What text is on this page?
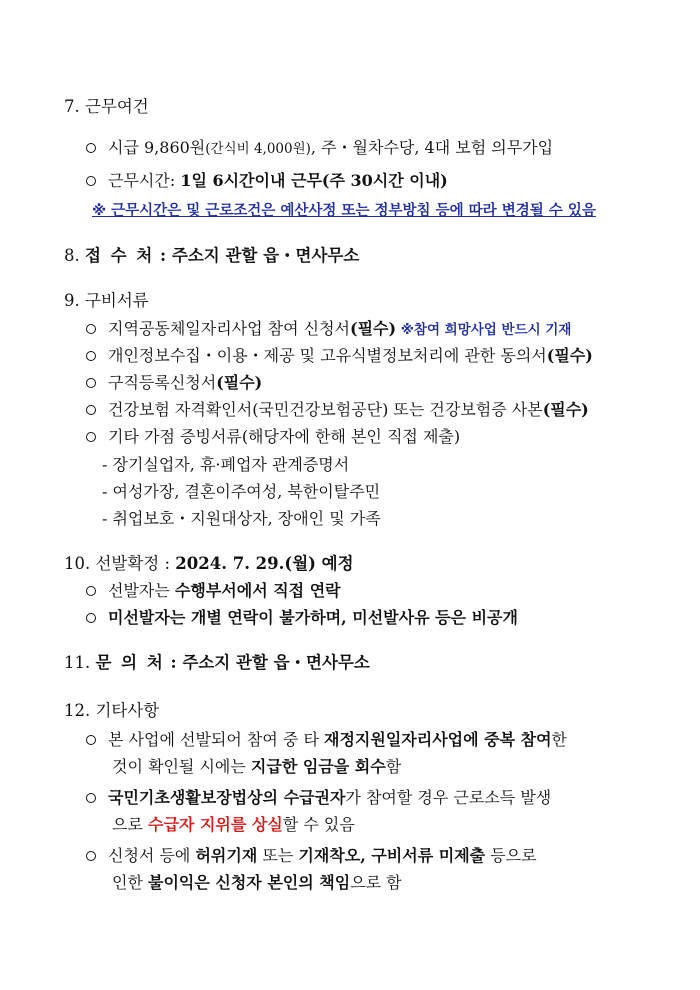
7. 근무여건
시급 9,860원(간식비 4,000원), 주・월차수당, 4대 보험 의무가입
근무시간: 1일 6시간이내 근무(주 30시간 이내)
※ 근무시간은 및 근로조건은 예산사정 또는 정부방침 등에 따라 변경될 수 있음
8. 접 수 처 : 주소지 관할 읍・면사무소
9. 구비서류
지역공동체일자리사업 참여 신청서(필수) ※참여 희망사업 반드시 기재
개인정보수집・이용・제공 및 고유식별정보처리에 관한 동의서(필수)
구직등록신청서(필수)
건강보험 자격확인서(국민건강보험공단) 또는 건강보험증 사본(필수)
기타 가점 증빙서류(해당자에 한해 본인 직접 제출)
- 장기실업자, 휴·폐업자 관계증명서
- 여성가장, 결혼이주여성, 북한이탈주민
- 취업보호・지원대상자, 장애인 및 가족
10. 선발확정 : 2024. 7. 29.(월) 예정
선발자는 수행부서에서 직접 연락
미선발자는 개별 연락이 불가하며, 미선발사유 등은 비공개
11. 문 의 처 : 주소지 관할 읍・면사무소
12. 기타사항
본 사업에 선발되어 참여 중 타 재정지원일자리사업에 중복 참여한
것이 확인될 시에는 지급한 임금을 회수함
국민기초생활보장법상의 수급권자가 참여할 경우 근로소득 발생
으로 수급자 지위를 상실할 수 있음
신청서 등에 허위기재 또는 기재착오, 구비서류 미제출 등으로
인한 불이익은 신청자 본인의 책임으로 함
